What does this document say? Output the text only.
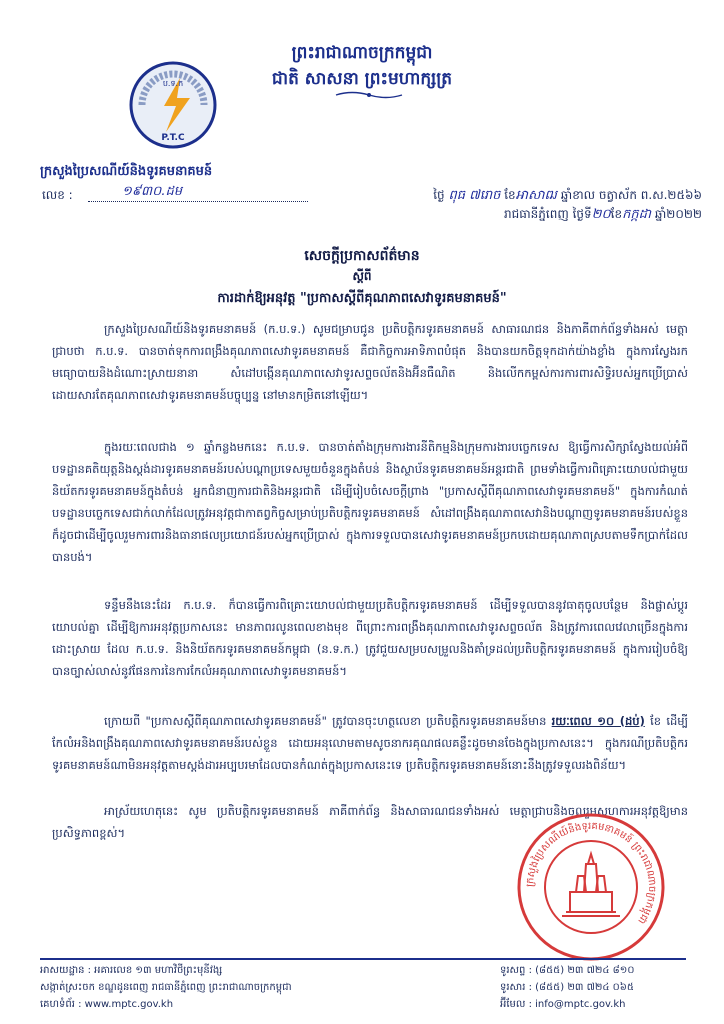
ព្រះរាជាណាចក្រកម្ពុជា
ជាតិ សាសនា ព្រះមហាក្សត្រ
ប.ទ.ក
P.T.C
ក្រសួងប្រៃសណីយ៍និងទូរគមនាគមន៍
លេខ :	១៩៣០.ដម	ថ្ងៃ ពុធ ៧រោច ខែអាសាឍ ឆ្នាំខាល ចត្វាស័ក ព.ស.២៥៦៦
រាជធានីភ្នំពេញ ថ្ងៃទី២០ខែកក្កដា ឆ្នាំ២០២២
សេចក្ដីប្រកាសព័ត៌មាន
ស្ដីពី
ការដាក់ឱ្យអនុវត្ត "ប្រកាសស្ដីពីគុណភាពសេវាទូរគមនាគមន៍"
ក្រសួងប្រៃសណីយ៍និងទូរគមនាគមន៍ (ក.ប.ទ.) សូមជម្រាបជូន ប្រតិបត្តិករទូរគមនាគមន៍ សាធារណជន និងភាគីពាក់ព័ន្ធទាំងអស់ មេត្តាជ្រាបថា ក.ប.ទ. បានចាត់ទុកការពង្រឹងគុណភាពសេវាទូរគមនាគមន៍ គឺជាកិច្ចការអាទិភាពបំផុត និងបានយកចិត្តទុកដាក់យ៉ាងខ្លាំង ក្នុងការស្វែងរកមធ្យោបាយនិងដំណោះស្រាយនានា សំដៅបង្កើនគុណភាពសេវាទូរសព្ទចល័តនិងអ៊ីនធឺណិត និងលើកកម្ពស់ការការពារសិទ្ធិរបស់អ្នកប្រើប្រាស់ ដោយសារតែគុណភាពសេវាទូរគមនាគមន៍បច្ចុប្បន្ន នៅមានកម្រិតនៅឡើយ។
ក្នុងរយៈពេលជាង ១ ឆ្នាំកន្លងមកនេះ ក.ប.ទ. បានចាត់តាំងក្រុមការងារនីតិកម្មនិងក្រុមការងារបច្ចេកទេស ឱ្យធ្វើការសិក្សាស្វែងយល់អំពីបទដ្ឋានគតិយុត្តនិងស្តង់ដារទូរគមនាគមន៍របស់បណ្តាប្រទេសមួយចំនួនក្នុងតំបន់ និងស្ថាប័នទូរគមនាគមន៍អន្តរជាតិ ព្រមទាំងធ្វើការពិគ្រោះយោបល់ជាមួយនិយ័តករទូរគមនាគមន៍ក្នុងតំបន់ អ្នកជំនាញការជាតិនិងអន្តរជាតិ ដើម្បីរៀបចំសេចក្តីព្រាង "ប្រកាសស្ដីពីគុណភាពសេវាទូរគមនាគមន៍" ក្នុងការកំណត់បទដ្ឋានបច្ចេកទេសជាក់លាក់ដែលត្រូវអនុវត្តជាកាតព្វកិច្ចសម្រាប់ប្រតិបត្តិករទូរគមនាគមន៍ សំដៅពង្រឹងគុណភាពសេវានិងបណ្តាញទូរគមនាគមន៍របស់ខ្លួន ក៏ដូចជាដើម្បីចូលរួមការពារនិងធានាផលប្រយោជន៍របស់អ្នកប្រើប្រាស់ ក្នុងការទទួលបានសេវាទូរគមនាគមន៍ប្រកបដោយគុណភាពស្របតាមទឹកប្រាក់ដែលបានបង់។
ទន្ទឹមនឹងនេះដែរ ក.ប.ទ. ក៏បានធ្វើការពិគ្រោះយោបល់ជាមួយប្រតិបត្តិករទូរគមនាគមន៍ ដើម្បីទទួលបាននូវធាតុចូលបន្ថែម និងផ្លាស់ប្តូរយោបល់គ្នា ដើម្បីឱ្យការអនុវត្តប្រកាសនេះ មានភាពរលូនពេលខាងមុខ ពីព្រោះការពង្រឹងគុណភាពសេវាទូរសព្ទចល័ត និងត្រូវការពេលវេលាច្រើនក្នុងការដោះស្រាយ ដែល ក.ប.ទ. និងនិយ័តករទូរគមនាគមន៍កម្ពុជា (ន.ទ.ក.) ត្រូវជួយសម្របសម្រួលនិងគាំទ្រដល់ប្រតិបត្តិករទូរគមនាគមន៍ ក្នុងការរៀបចំឱ្យបានច្បាស់លាស់នូវផែនការនៃការកែលំអគុណភាពសេវាទូរគមនាគមន៍។
ក្រោយពី "ប្រកាសស្ដីពីគុណភាពសេវាទូរគមនាគមន៍" ត្រូវបានចុះហត្ថលេខា ប្រតិបត្តិករទូរគមនាគមន៍មាន រយៈពេល ១០ (ដប់) ខែ ដើម្បីកែលំអនិងពង្រឹងគុណភាពសេវាទូរគមនាគមន៍របស់ខ្លួន ដោយអនុលោមតាមសូចនាករគុណផលគន្លឹះដូចមានចែងក្នុងប្រកាសនេះ។ ក្នុងករណីប្រតិបត្តិករទូរគមនាគមន៍ណាមិនអនុវត្តតាមស្តង់ដារអប្បបរមាដែលបានកំណត់ក្នុងប្រកាសនេះទេ ប្រតិបត្តិករទូរគមនាគមន៍នោះនឹងត្រូវទទួលរងពិន័យ។
អាស្រ័យហេតុនេះ សូម ប្រតិបត្តិករទូរគមនាគមន៍ ភាគីពាក់ព័ន្ធ និងសាធារណជនទាំងអស់ មេត្តាជ្រាបនិងចូលរួមសហការអនុវត្តឱ្យមានប្រសិទ្ធភាពខ្ពស់។
ក្រសួងប្រៃសណីយ៍និងទូរគមនាគមន៍ ព្រះរាជាណាចក្រកម្ពុជា
អាសយដ្ឋាន : អគារលេខ ១៣ មហាវិថីព្រះមុនីវង្ស
សង្កាត់ស្រះចក ខណ្ឌដូនពេញ រាជធានីភ្នំពេញ ព្រះរាជាណាចក្រកម្ពុជា
គេហទំព័រ : www.mptc.gov.kh
ទូរសព្ទ : (៨៥៥) ២៣ ៧២៤ ៨១០
ទូរសារ : (៨៥៥) ២៣ ៧២៤ ០៦៥
អ៊ីមែល : info@mptc.gov.kh
